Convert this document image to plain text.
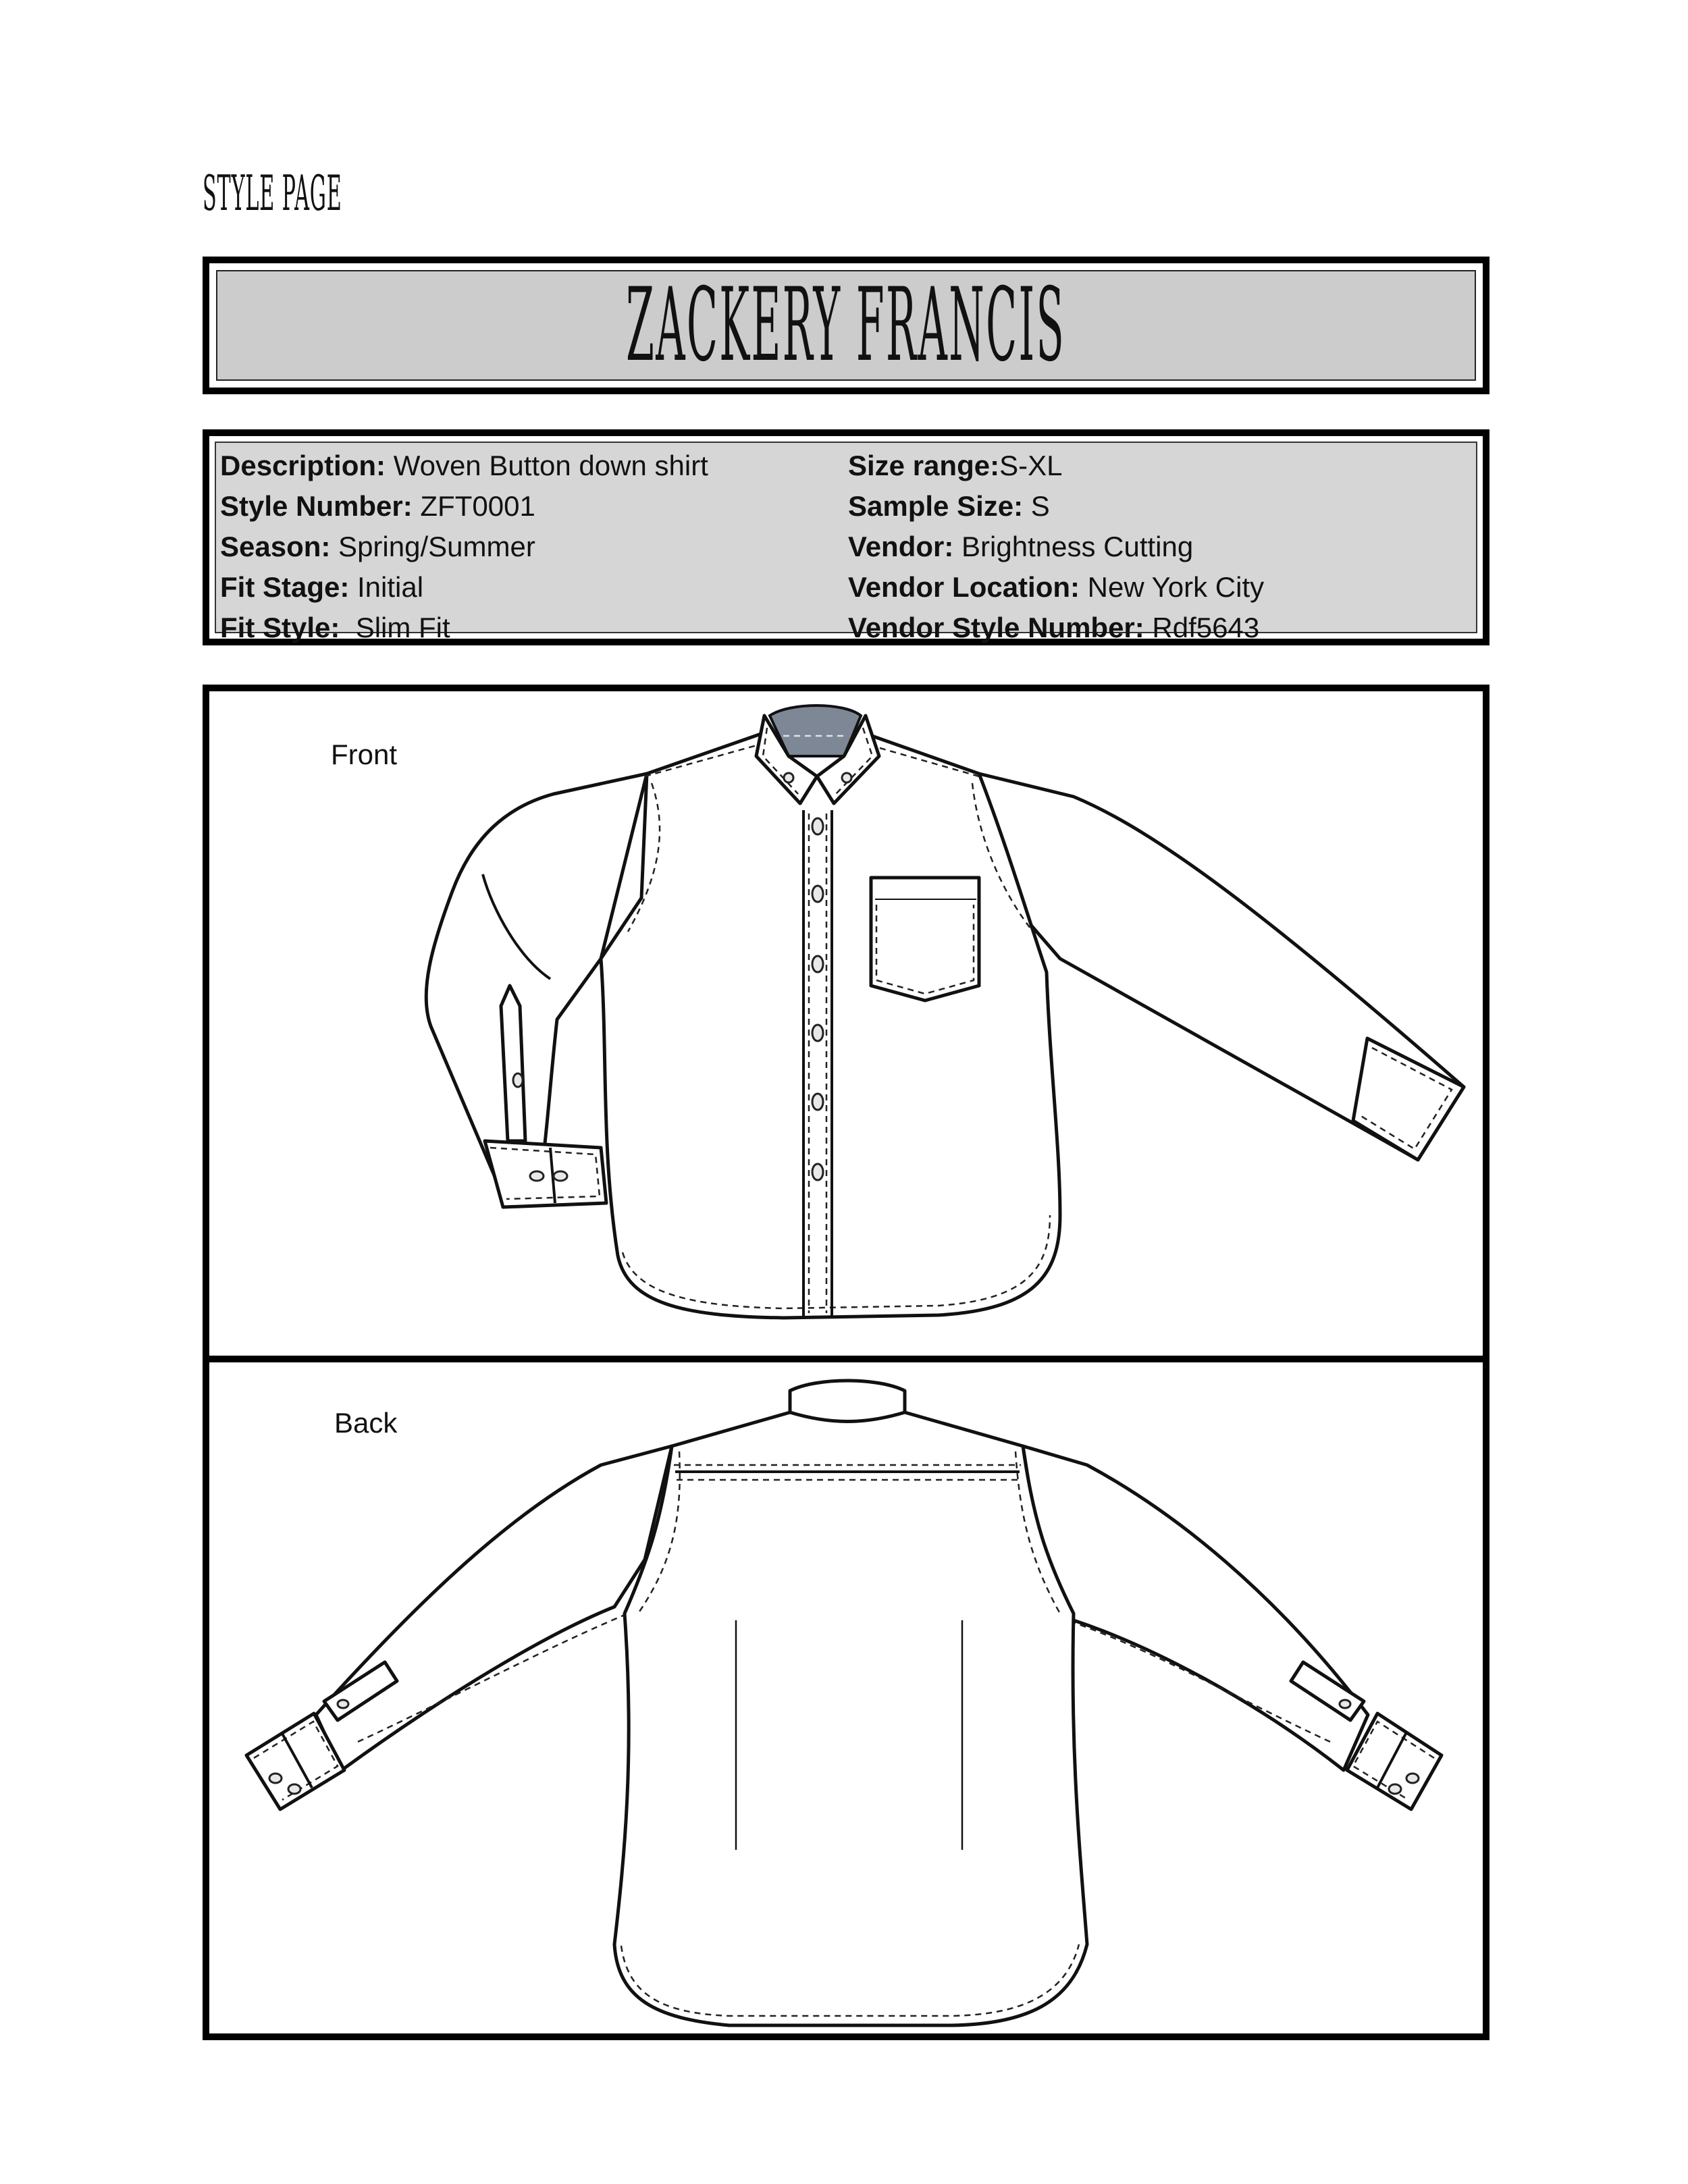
STYLE PAGE
ZACKERY FRANCIS
Description: Woven Button down shirt
Style Number: ZFT0001
Season: Spring/Summer
Fit Stage: Initial
Fit Style:  Slim Fit
Size range:S-XL
Sample Size: S
Vendor: Brightness Cutting
Vendor Location: New York City
Vendor Style Number: Rdf5643
Front
Back
